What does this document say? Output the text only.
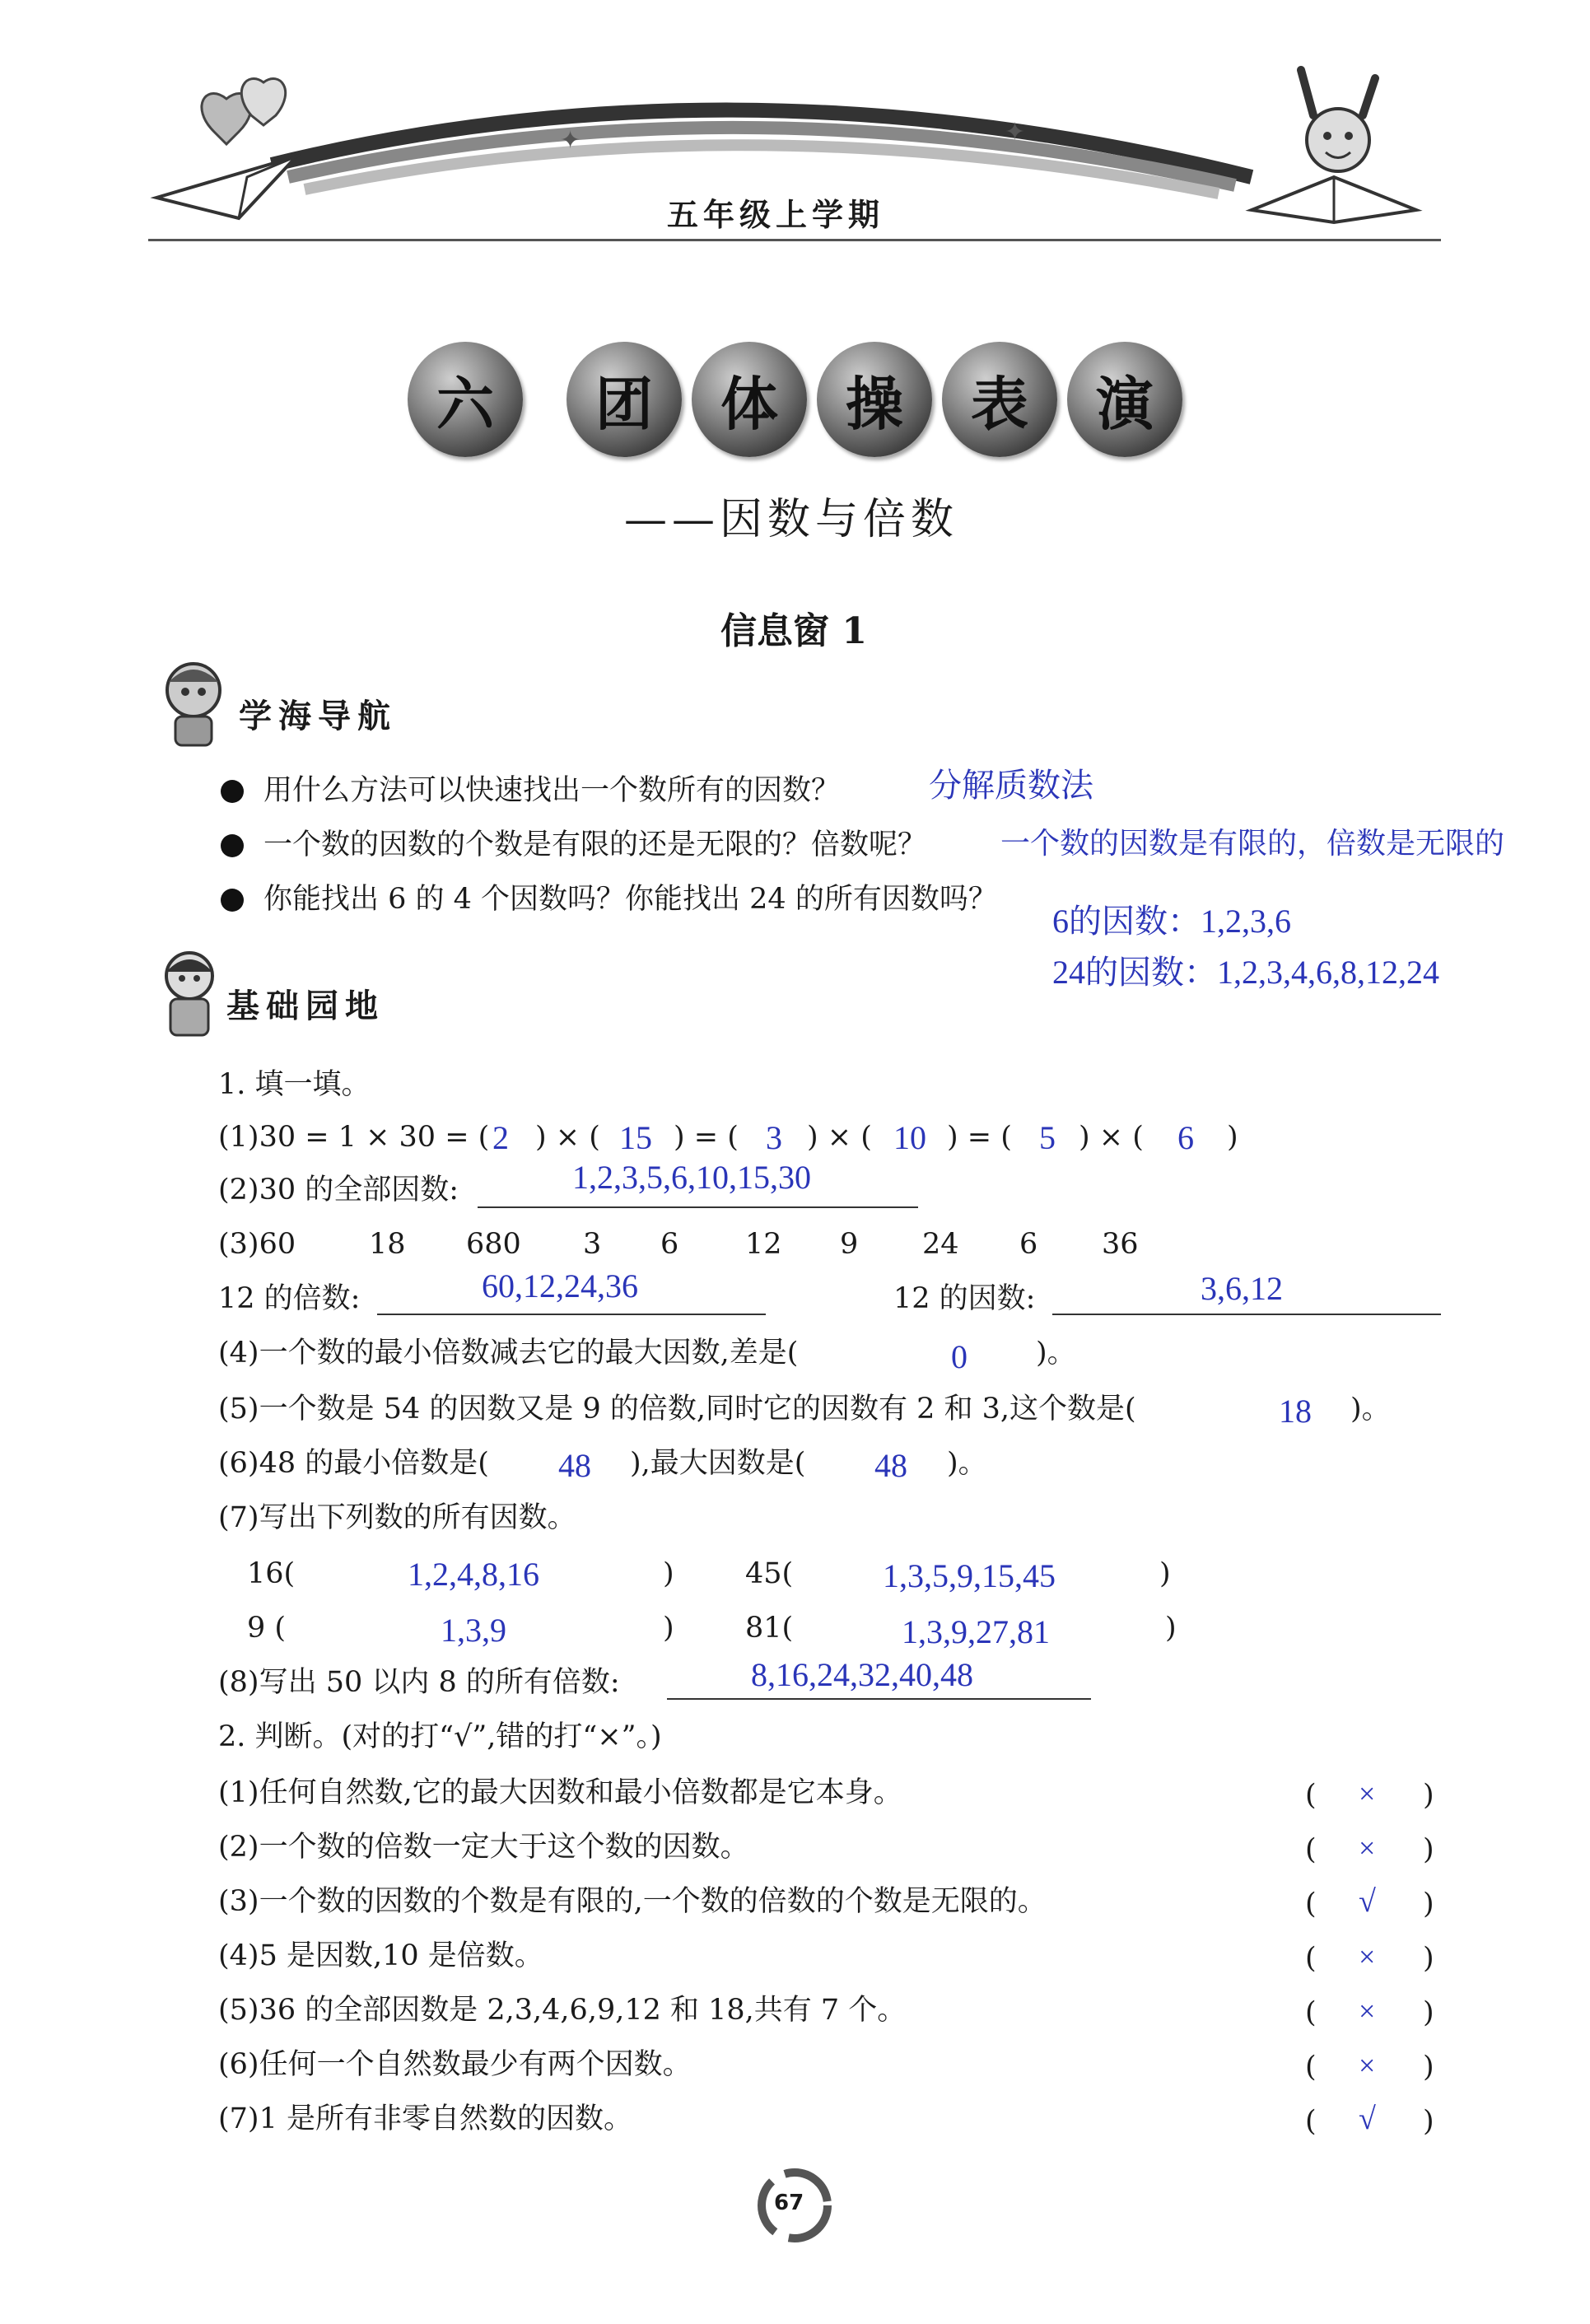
✦	✦
五年级上学期
六	团	体	操	表	演
——因数与倍数
信息窗 1
学海导航
用什么方法可以快速找出一个数所有的因数？	分解质数法
一个数的因数的个数是有限的还是无限的？倍数呢？ 一个数的因数是有限的，倍数是无限的
你能找出 6 的 4 个因数吗？你能找出 24 的所有因数吗？
6的因数：1,2,3,6
24的因数：1,2,3,4,6,8,12,24
基础园地
1. 填一填。
(1)30 = 1 × 30 = ( 2 ) × ( 15 ) = ( 3 ) × ( 10 ) = ( 5 ) × ( 6 )
(2)30 的全部因数:	1,2,3,5,6,10,15,30
(3)60	18 680 3 6 12 9 24 6 36
12 的倍数:	60,12,24,36	12 的因数:	3,6,12
(4)一个数的最小倍数减去它的最大因数,差是(	0 )。
(5)一个数是 54 的因数又是 9 的倍数,同时它的因数有 2 和 3,这个数是(	18 )。
(6)48 的最小倍数是( 48 ),最大因数是( 48 )。
(7)写出下列数的所有因数。
16(	1,2,4,8,16	) 45(	1,3,5,9,15,45	)
9 (	1,3,9	) 81(	1,3,9,27,81	)
(8)写出 50 以内 8 的所有倍数:	8,16,24,32,40,48
2. 判断。(对的打“√”,错的打“×”。)
(1)任何自然数,它的最大因数和最小倍数都是它本身。	( × )
(2)一个数的倍数一定大于这个数的因数。	( × )
(3)一个数的因数的个数是有限的,一个数的倍数的个数是无限的。	( √ )
(4)5 是因数,10 是倍数。	( × )
(5)36 的全部因数是 2,3,4,6,9,12 和 18,共有 7 个。	( × )
(6)任何一个自然数最少有两个因数。	( × )
(7)1 是所有非零自然数的因数。	( √ )
67
